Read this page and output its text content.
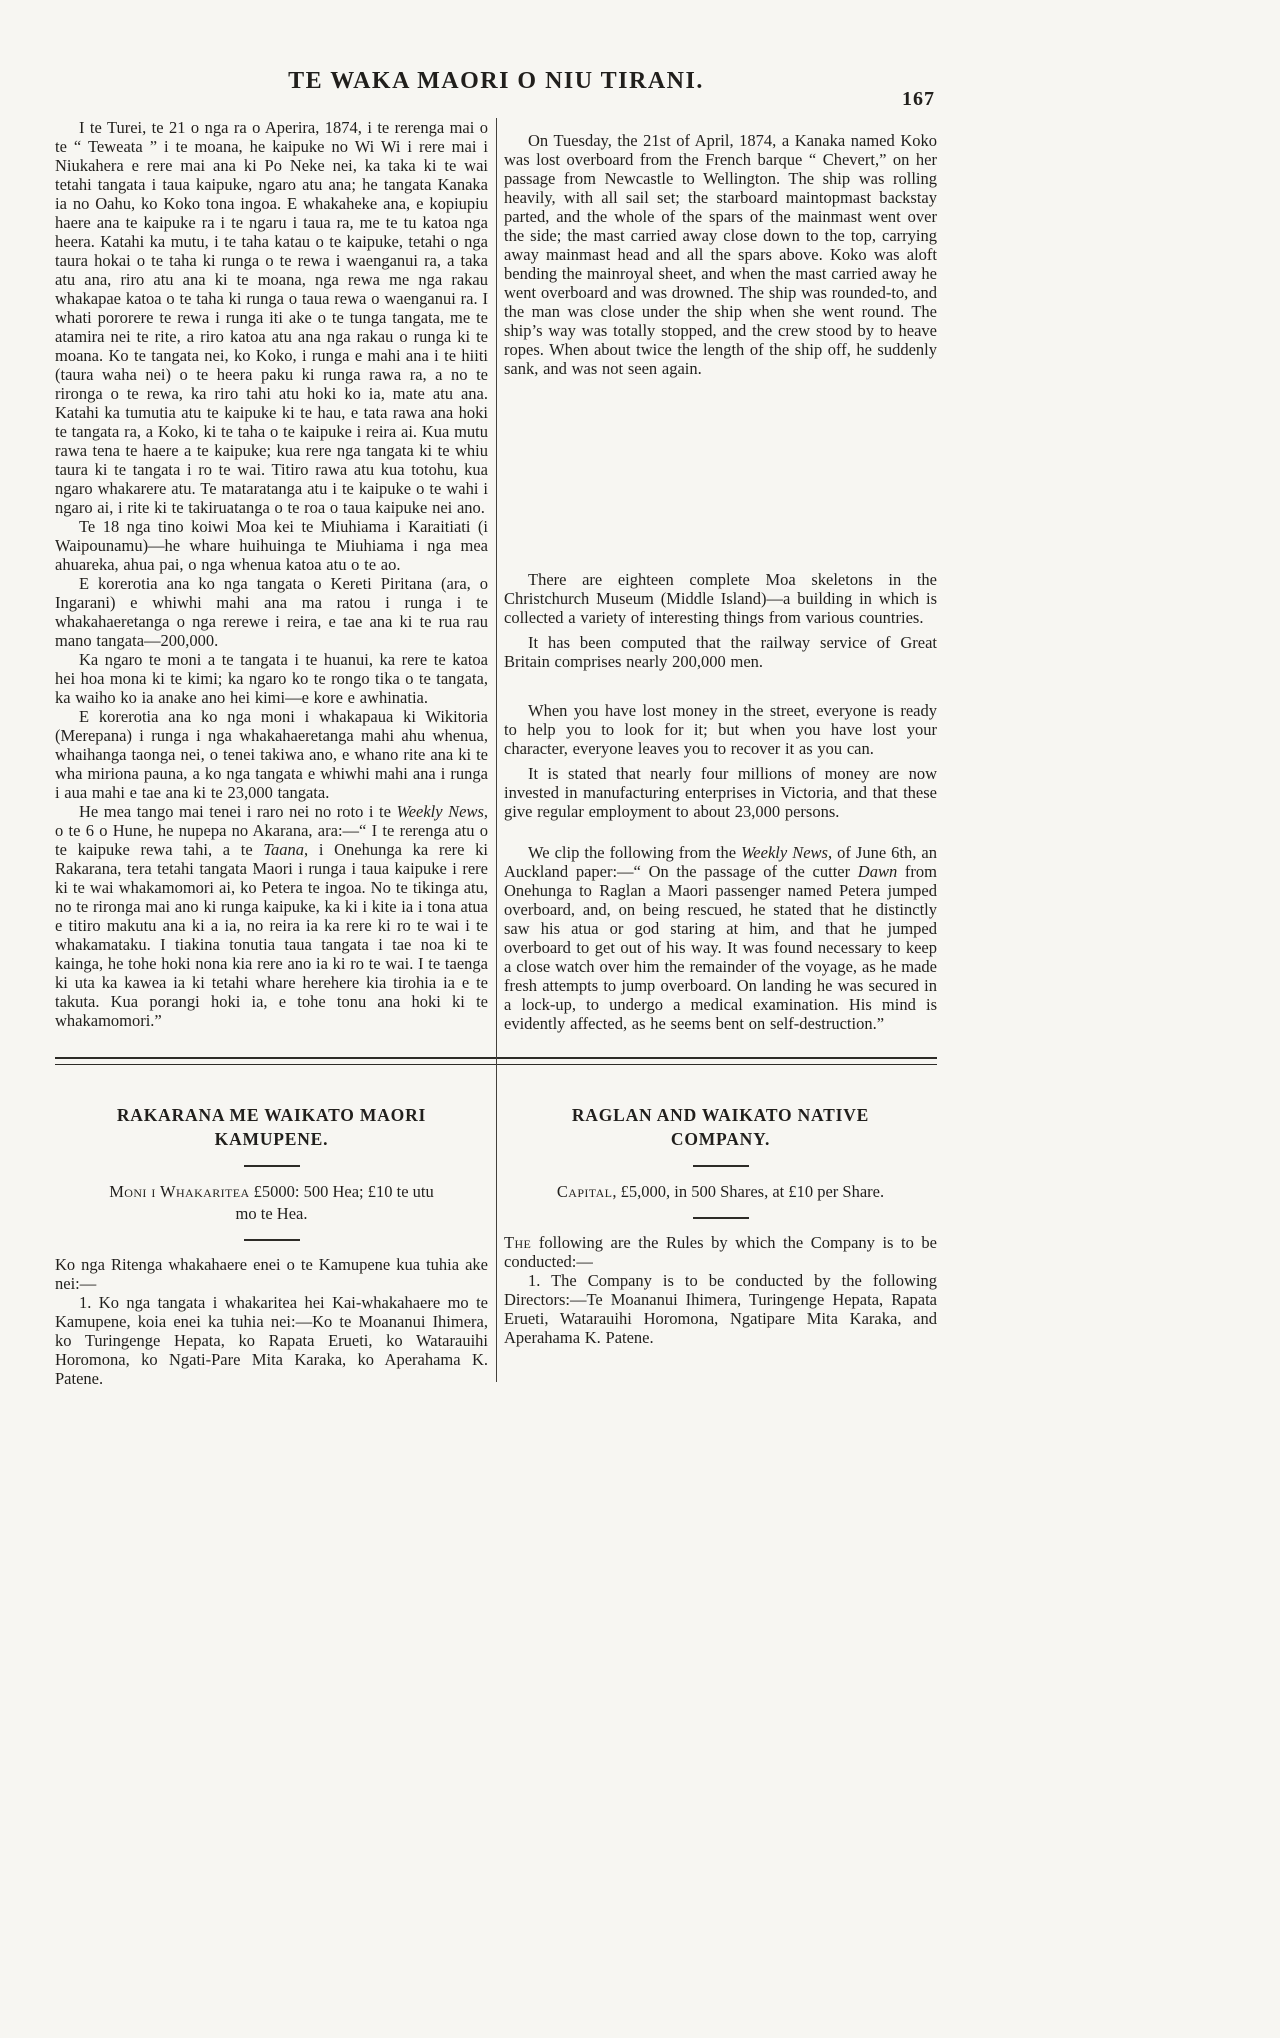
TE WAKA MAORI O NIU TIRANI.
167

I te Turei, te 21 o nga ra o Aperira, 1874, i te rerenga mai o te “ Teweata ” i te moana, he kaipuke no Wi Wi i rere mai i Niukahera e rere mai ana ki Po Neke nei, ka taka ki te wai tetahi tangata i taua kaipuke, ngaro atu ana; he tangata Kanaka ia no Oahu, ko Koko tona ingoa. E whakaheke ana, e kopiupiu haere ana te kaipuke ra i te ngaru i taua ra, me te tu katoa nga heera. Katahi ka mutu, i te taha katau o te kaipuke, tetahi o nga taura hokai o te taha ki runga o te rewa i waenganui ra, a taka atu ana, riro atu ana ki te moana, nga rewa me nga rakau whakapae katoa o te taha ki runga o taua rewa o waenganui ra. I whati pororere te rewa i runga iti ake o te tunga tangata, me te atamira nei te rite, a riro katoa atu ana nga rakau o runga ki te moana. Ko te tangata nei, ko Koko, i runga e mahi ana i te hiiti (taura waha nei) o te heera paku ki runga rawa ra, a no te rironga o te rewa, ka riro tahi atu hoki ko ia, mate atu ana. Katahi ka tumutia atu te kaipuke ki te hau, e tata rawa ana hoki te tangata ra, a Koko, ki te taha o te kaipuke i reira ai. Kua mutu rawa tena te haere a te kaipuke; kua rere nga tangata ki te whiu taura ki te tangata i ro te wai. Titiro rawa atu kua totohu, kua ngaro whakarere atu. Te mataratanga atu i te kaipuke o te wahi i ngaro ai, i rite ki te takiruatanga o te roa o taua kaipuke nei ano.

Te 18 nga tino koiwi Moa kei te Miuhiama i Karaitiati (i Waipounamu)—he whare huihuinga te Miuhiama i nga mea ahuareka, ahua pai, o nga whenua katoa atu o te ao.

E korerotia ana ko nga tangata o Kereti Piritana (ara, o Ingarani) e whiwhi mahi ana ma ratou i runga i te whakahaeretanga o nga rerewe i reira, e tae ana ki te rua rau mano tangata—200,000.

Ka ngaro te moni a te tangata i te huanui, ka rere te katoa hei hoa mona ki te kimi; ka ngaro ko te rongo tika o te tangata, ka waiho ko ia anake ano hei kimi—e kore e awhinatia.

E korerotia ana ko nga moni i whakapaua ki Wikitoria (Merepana) i runga i nga whakahaeretanga mahi ahu whenua, whaihanga taonga nei, o tenei takiwa ano, e whano rite ana ki te wha miriona pauna, a ko nga tangata e whiwhi mahi ana i runga i aua mahi e tae ana ki te 23,000 tangata.

He mea tango mai tenei i raro nei no roto i te Weekly News, o te 6 o Hune, he nupepa no Akarana, ara:—“ I te rerenga atu o te kaipuke rewa tahi, a te Taana, i Onehunga ka rere ki Rakarana, tera tetahi tangata Maori i runga i taua kaipuke i rere ki te wai whakamomori ai, ko Petera te ingoa. No te tikinga atu, no te rironga mai ano ki runga kaipuke, ka ki i kite ia i tona atua e titiro makutu ana ki a ia, no reira ia ka rere ki ro te wai i te whakamataku. I tiakina tonutia taua tangata i tae noa ki te kainga, he tohe hoki nona kia rere ano ia ki ro te wai. I te taenga ki uta ka kawea ia ki tetahi whare herehere kia tirohia ia e te takuta. Kua porangi hoki ia, e tohe tonu ana hoki ki te whakamomori.”

On Tuesday, the 21st of April, 1874, a Kanaka named Koko was lost overboard from the French barque “ Chevert,” on her passage from Newcastle to Wellington. The ship was rolling heavily, with all sail set; the starboard maintopmast backstay parted, and the whole of the spars of the mainmast went over the side; the mast carried away close down to the top, carrying away mainmast head and all the spars above. Koko was aloft bending the mainroyal sheet, and when the mast carried away he went overboard and was drowned. The ship was rounded-to, and the man was close under the ship when she went round. The ship’s way was totally stopped, and the crew stood by to heave ropes. When about twice the length of the ship off, he suddenly sank, and was not seen again.

There are eighteen complete Moa skeletons in the Christchurch Museum (Middle Island)—a building in which is collected a variety of interesting things from various countries.

It has been computed that the railway service of Great Britain comprises nearly 200,000 men.

When you have lost money in the street, everyone is ready to help you to look for it; but when you have lost your character, everyone leaves you to recover it as you can.

It is stated that nearly four millions of money are now invested in manufacturing enterprises in Victoria, and that these give regular employment to about 23,000 persons.

We clip the following from the Weekly News, of June 6th, an Auckland paper:—“ On the passage of the cutter Dawn from Onehunga to Raglan a Maori passenger named Petera jumped overboard, and, on being rescued, he stated that he distinctly saw his atua or god staring at him, and that he jumped overboard to get out of his way. It was found necessary to keep a close watch over him the remainder of the voyage, as he made fresh attempts to jump overboard. On landing he was secured in a lock-up, to undergo a medical examination. His mind is evidently affected, as he seems bent on self-destruction.”

RAKARANA ME WAIKATO MAORI
KAMUPENE.

Moni i Whakaritea £5000: 500 Hea; £10 te utu
mo te Hea.

Ko nga Ritenga whakahaere enei o te Kamupene kua tuhia ake nei:—

1. Ko nga tangata i whakaritea hei Kai-whakahaere mo te Kamupene, koia enei ka tuhia nei:—Ko te Moananui Ihimera, ko Turingenge Hepata, ko Rapata Erueti, ko Watarauihi Horomona, ko Ngati-Pare Mita Karaka, ko Aperahama K. Patene.

RAGLAN AND WAIKATO NATIVE
COMPANY.

Capital, £5,000, in 500 Shares, at £10 per Share.

The following are the Rules by which the Company is to be conducted:—

1. The Company is to be conducted by the following Directors:—Te Moananui Ihimera, Turingenge Hepata, Rapata Erueti, Watarauihi Horomona, Ngatipare Mita Karaka, and Aperahama K. Patene.
